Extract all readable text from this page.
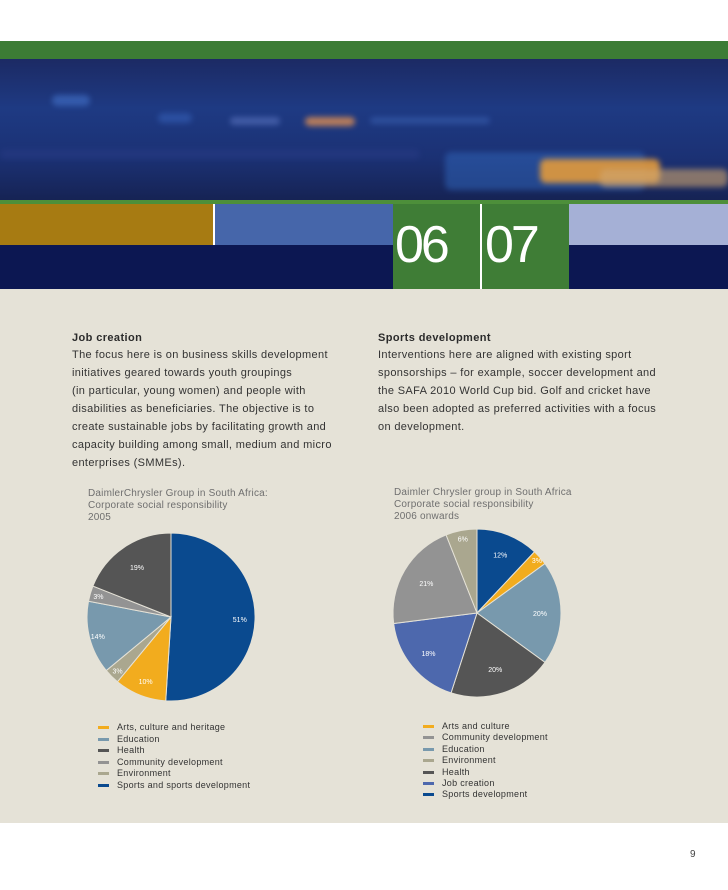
06 07
Job creation
The focus here is on business skills development
initiatives geared towards youth groupings
(in particular, young women) and people with
disabilities as beneficiaries. The objective is to
create sustainable jobs by facilitating growth and
capacity building among small, medium and micro
enterprises (SMMEs).
Sports development
Interventions here are aligned with existing sport
sponsorships – for example, soccer development and
the SAFA 2010 World Cup bid. Golf and cricket have
also been adopted as preferred activities with a focus
on development.
DaimlerChrysler Group in South Africa:
Corporate social responsibility
2005
Daimler Chrysler group in South Africa
Corporate social responsibility
2006 onwards
51%
10%
3%
14%
3%
19%
12%
3%
20%
20%
18%
21%
6%
Arts, culture and heritage
Education
Health
Community development
Environment
Sports and sports development
Arts and culture
Community development
Education
Environment
Health
Job creation
Sports development
9
